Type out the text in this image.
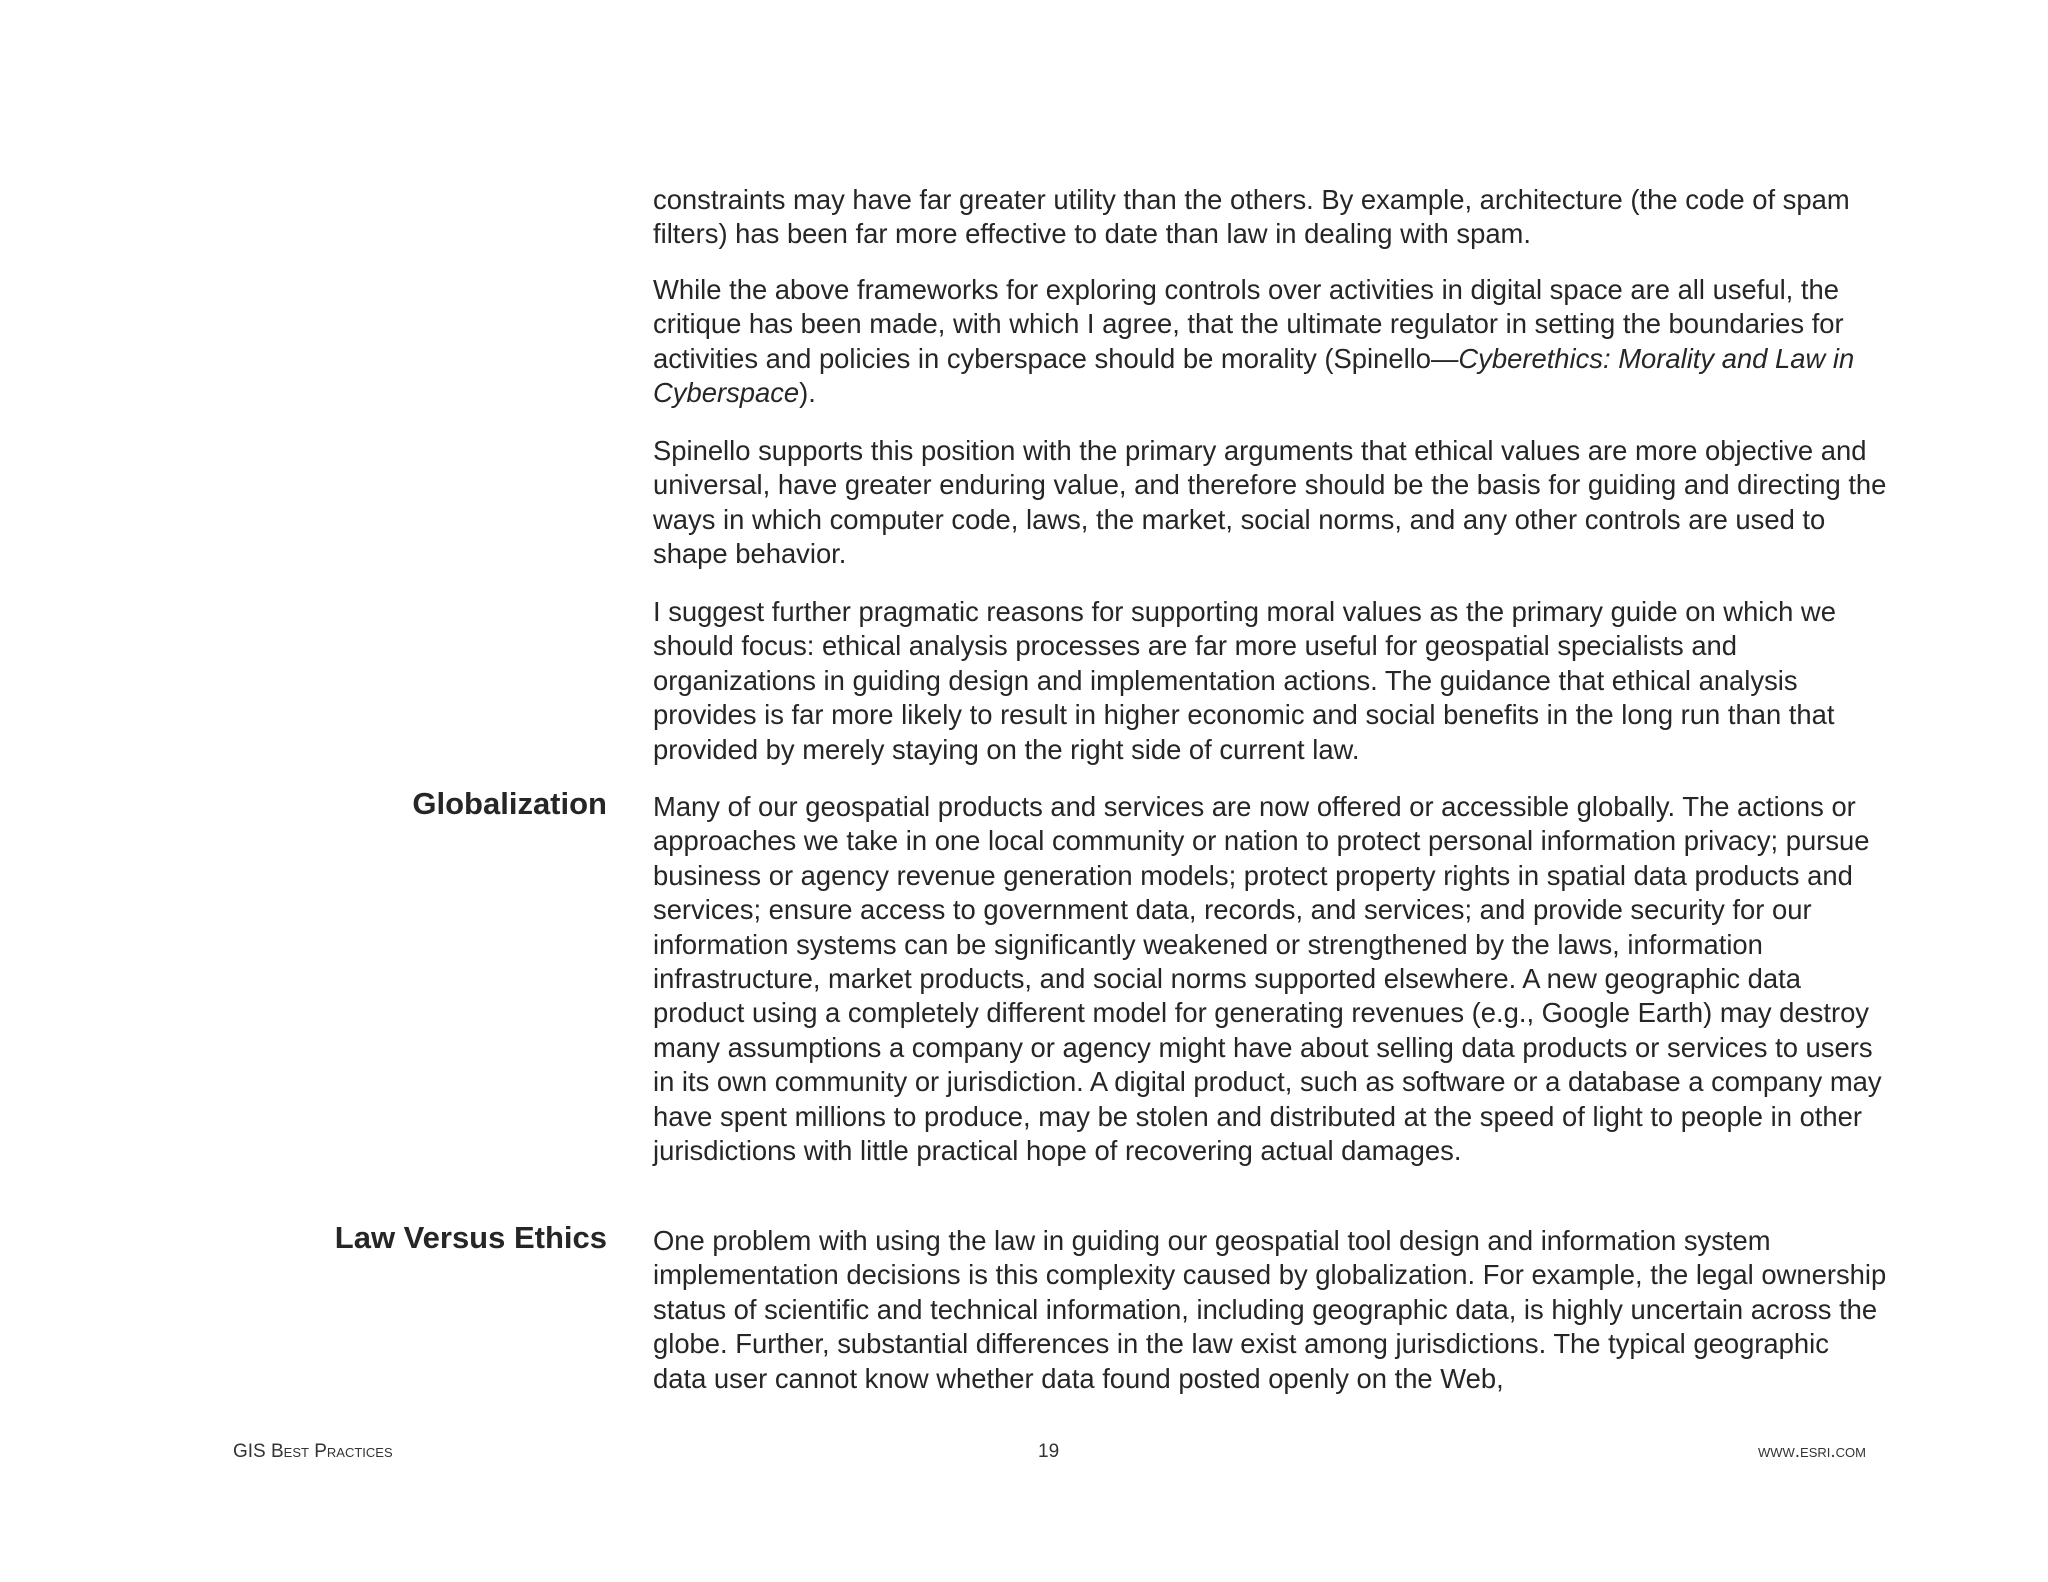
constraints may have far greater utility than the others. By example, architecture (the code of spam filters) has been far more effective to date than law in dealing with spam.

While the above frameworks for exploring controls over activities in digital space are all useful, the critique has been made, with which I agree, that the ultimate regulator in setting the boundaries for activities and policies in cyberspace should be morality (Spinello—Cyberethics: Morality and Law in Cyberspace).

Spinello supports this position with the primary arguments that ethical values are more objective and universal, have greater enduring value, and therefore should be the basis for guiding and directing the ways in which computer code, laws, the market, social norms, and any other controls are used to shape behavior.

I suggest further pragmatic reasons for supporting moral values as the primary guide on which we should focus: ethical analysis processes are far more useful for geospatial specialists and organizations in guiding design and implementation actions. The guidance that ethical analysis provides is far more likely to result in higher economic and social benefits in the long run than that provided by merely staying on the right side of current law.

Globalization Many of our geospatial products and services are now offered or accessible globally. The actions or approaches we take in one local community or nation to protect personal information privacy; pursue business or agency revenue generation models; protect property rights in spatial data products and services; ensure access to government data, records, and services; and provide security for our information systems can be significantly weakened or strengthened by the laws, information infrastructure, market products, and social norms supported elsewhere. A new geographic data product using a completely different model for generating revenues (e.g., Google Earth) may destroy many assumptions a company or agency might have about selling data products or services to users in its own community or jurisdiction. A digital product, such as software or a database a company may have spent millions to produce, may be stolen and distributed at the speed of light to people in other jurisdictions with little practical hope of recovering actual damages.

Law Versus Ethics One problem with using the law in guiding our geospatial tool design and information system implementation decisions is this complexity caused by globalization. For example, the legal ownership status of scientific and technical information, including geographic data, is highly uncertain across the globe. Further, substantial differences in the law exist among jurisdictions. The typical geographic data user cannot know whether data found posted openly on the Web,

GIS Best Practices	19	www.esri.com
